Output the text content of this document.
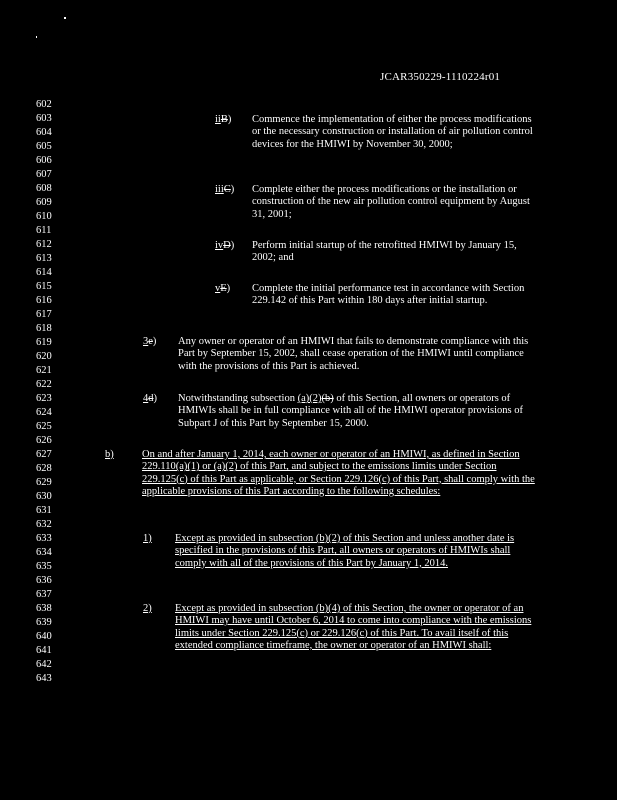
JCAR350229-1110224r01
602
603
604
605
606
607
608
609
610
611
612
613
614
615
616
617
618
619
620
621
622
623
624
625
626
627
628
629
630
631
632
633
634
635
636
637
638
639
640
641
642
643
iiB) Commence the implementation of either the process modifications or the necessary construction or installation of air pollution control devices for the HMIWI by November 30, 2000;
iiiC) Complete either the process modifications or the installation or construction of the new air pollution control equipment by August 31, 2001;
ivD) Perform initial startup of the retrofitted HMIWI by January 15, 2002; and
vE) Complete the initial performance test in accordance with Section 229.142 of this Part within 180 days after initial startup.
3e) Any owner or operator of an HMIWI that fails to demonstrate compliance with this Part by September 15, 2002, shall cease operation of the HMIWI until compliance with the provisions of this Part is achieved.
4d) Notwithstanding subsection (a)(2)(b) of this Section, all owners or operators of HMIWIs shall be in full compliance with all of the HMIWI operator provisions of Subpart J of this Part by September 15, 2000.
b)	On and after January 1, 2014, each owner or operator of an HMIWI, as defined in Section 229.110(a)(1) or (a)(2) of this Part, and subject to the emissions limits under Section 229.125(c) of this Part as applicable, or Section 229.126(c) of this Part, shall comply with the applicable provisions of this Part according to the following schedules:
1) Except as provided in subsection (b)(2) of this Section and unless another date is specified in the provisions of this Part, all owners or operators of HMIWIs shall comply with all of the provisions of this Part by January 1, 2014.
2) Except as provided in subsection (b)(4) of this Section, the owner or operator of an HMIWI may have until October 6, 2014 to come into compliance with the emissions limits under Section 229.125(c) or 229.126(c) of this Part. To avail itself of this extended compliance timeframe, the owner or operator of an HMIWI shall:
